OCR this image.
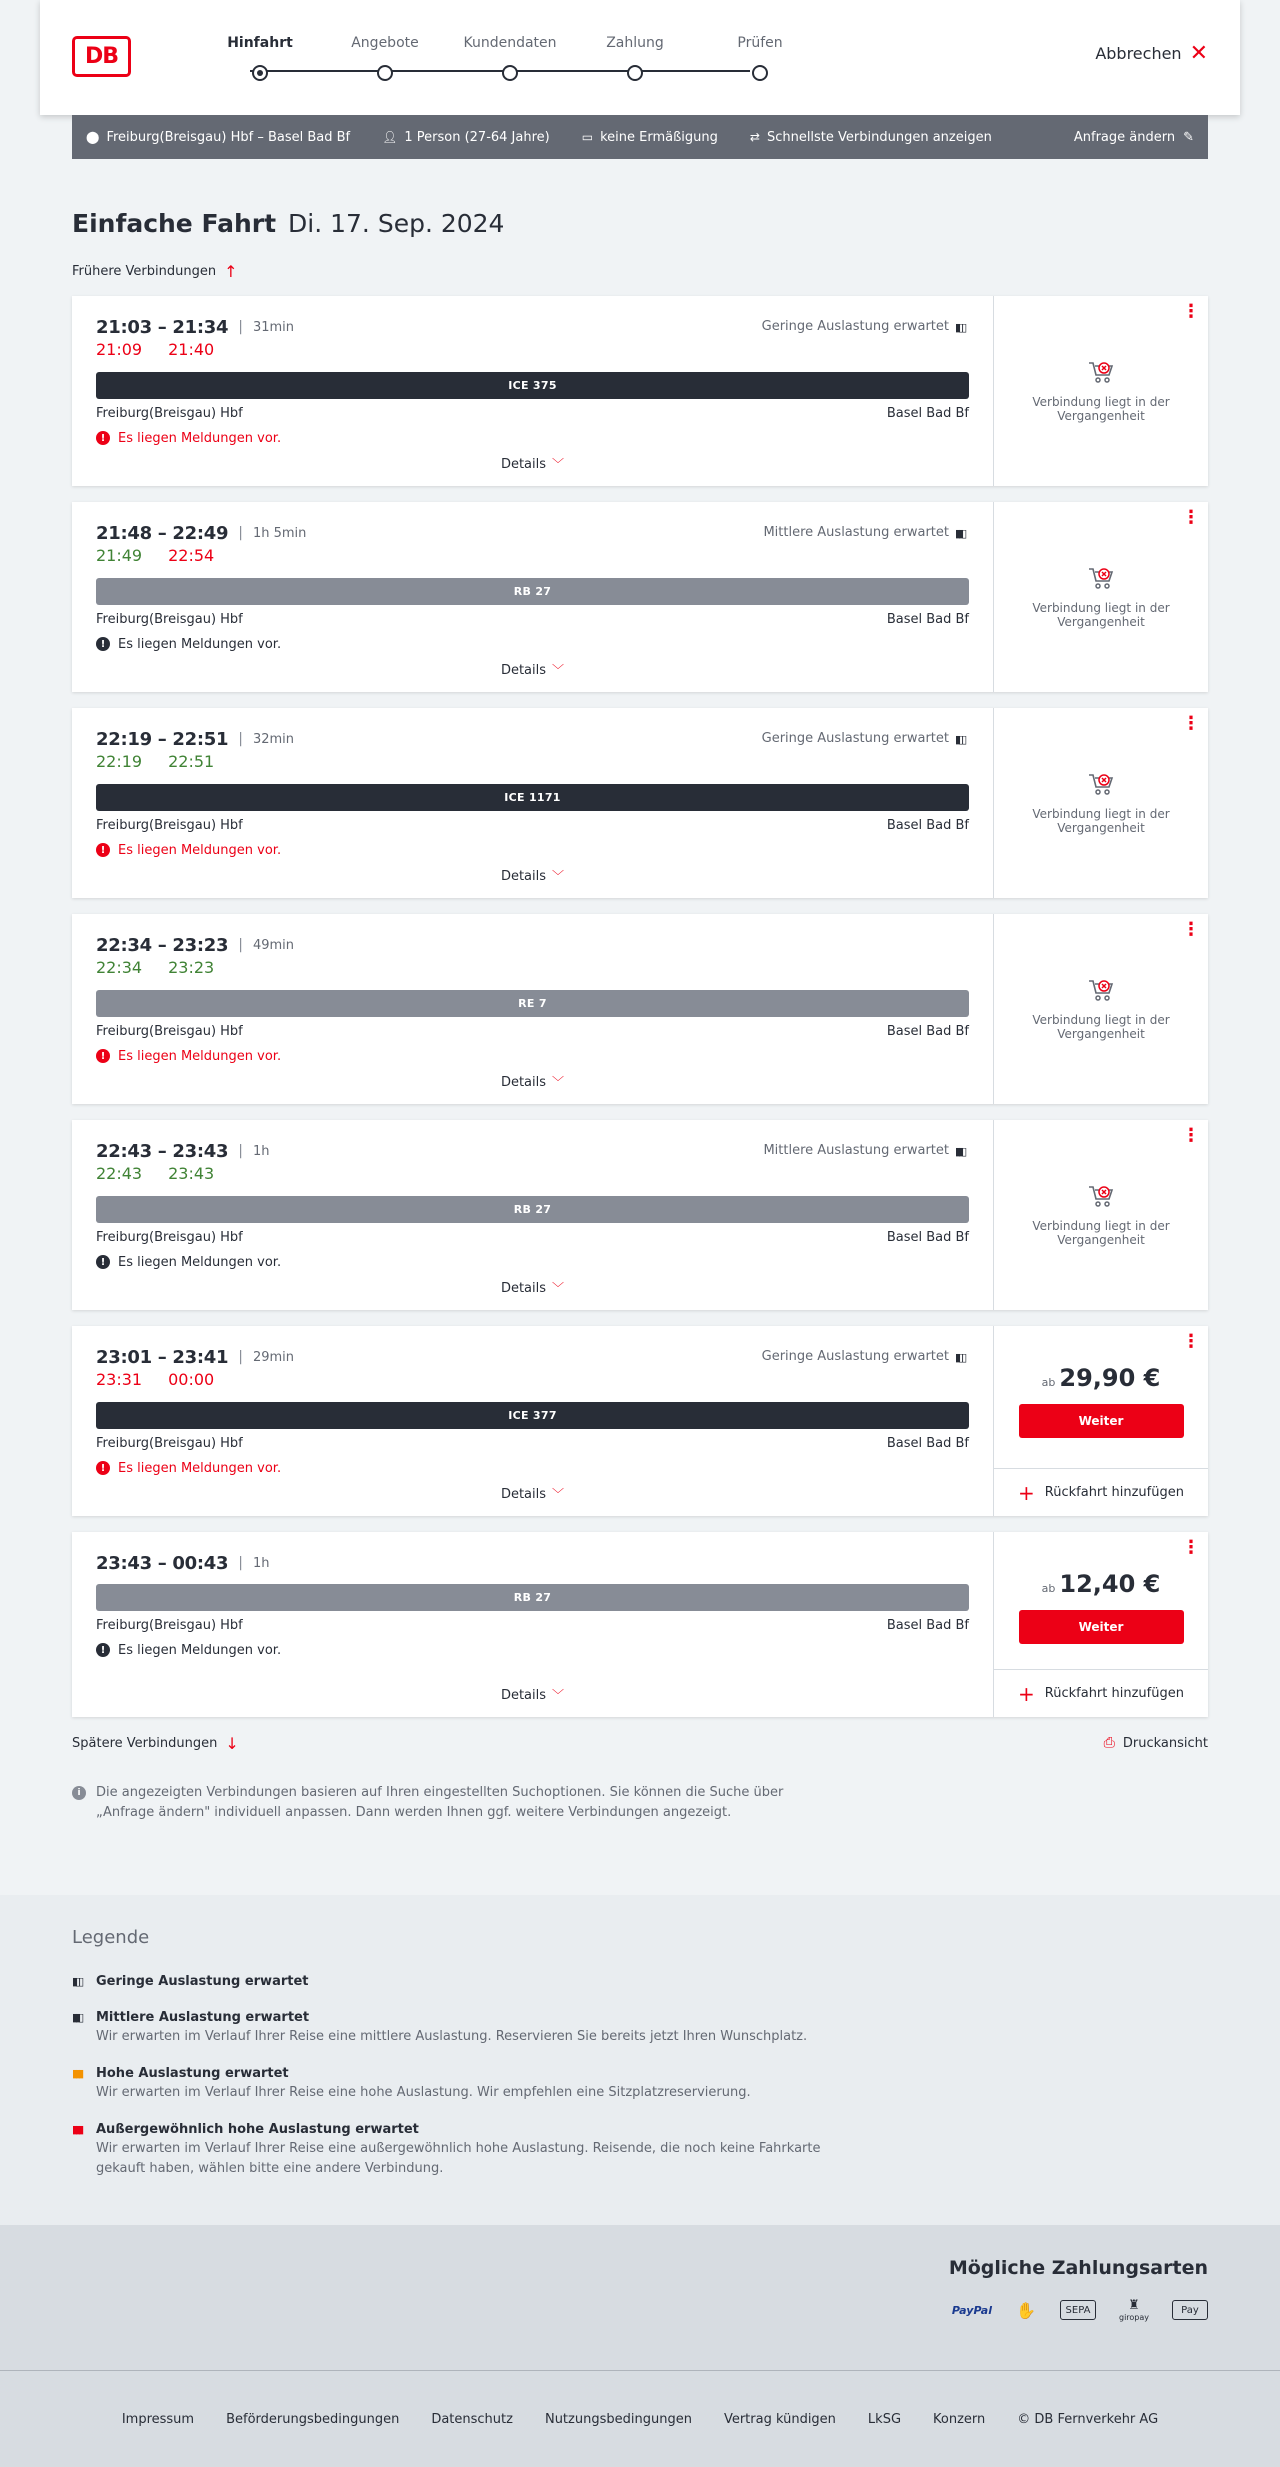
DB
Hinfahrt	Angebote	Kundendaten	Zahlung	Prüfen
Abbrechen ✕
⬤ Freiburg(Breisgau) Hbf – Basel Bad Bf	👤︎ 1 Person (27-64 Jahre)	▭ keine Ermäßigung	⇄ Schnellste Verbindungen anzeigen	Anfrage ändern ✎
Einfache Fahrt Di. 17. Sep. 2024
Frühere Verbindungen ↑
21:03 – 21:34 | 31min	Geringe Auslastung erwartet ▮▯▯
21:09 21:40
ICE 375
Freiburg(Breisgau) Hbf	Basel Bad Bf
! Es liegen Meldungen vor.
Details ﹀
⋮
Verbindung liegt in der Vergangenheit
21:48 – 22:49 | 1h 5min	Mittlere Auslastung erwartet ▮▮▯
21:49 22:54
RB 27
Freiburg(Breisgau) Hbf	Basel Bad Bf
! Es liegen Meldungen vor.
Details ﹀
⋮
Verbindung liegt in der Vergangenheit
22:19 – 22:51 | 32min	Geringe Auslastung erwartet ▮▯▯
22:19 22:51
ICE 1171
Freiburg(Breisgau) Hbf	Basel Bad Bf
! Es liegen Meldungen vor.
Details ﹀
⋮
Verbindung liegt in der Vergangenheit
22:34 – 23:23 | 49min
22:34 23:23
RE 7
Freiburg(Breisgau) Hbf	Basel Bad Bf
! Es liegen Meldungen vor.
Details ﹀
⋮
Verbindung liegt in der Vergangenheit
22:43 – 23:43 | 1h	Mittlere Auslastung erwartet ▮▮▯
22:43 23:43
RB 27
Freiburg(Breisgau) Hbf	Basel Bad Bf
! Es liegen Meldungen vor.
Details ﹀
⋮
Verbindung liegt in der Vergangenheit
23:01 – 23:41 | 29min	Geringe Auslastung erwartet ▮▯▯
23:31 00:00
ICE 377
Freiburg(Breisgau) Hbf	Basel Bad Bf
! Es liegen Meldungen vor.
Details ﹀
⋮
ab 29,90 €
Weiter
+ Rückfahrt hinzufügen
23:43 – 00:43 | 1h
RB 27
Freiburg(Breisgau) Hbf	Basel Bad Bf
! Es liegen Meldungen vor.
Details ﹀
⋮
ab 12,40 €
Weiter
+ Rückfahrt hinzufügen
Spätere Verbindungen ↓	⎙ Druckansicht
i	Die angezeigten Verbindungen basieren auf Ihren eingestellten Suchoptionen. Sie können die Suche über „Anfrage ändern" individuell anpassen. Dann werden Ihnen ggf. weitere Verbindungen angezeigt.
Legende
▮▯▯	Geringe Auslastung erwartet
▮▮▯	Mittlere Auslastung erwartet
Wir erwarten im Verlauf Ihrer Reise eine mittlere Auslastung. Reservieren Sie bereits jetzt Ihren Wunschplatz.
▮▮▮	Hohe Auslastung erwartet
Wir erwarten im Verlauf Ihrer Reise eine hohe Auslastung. Wir empfehlen eine Sitzplatzreservierung.
▮▮▮	Außergewöhnlich hohe Auslastung erwartet
Wir erwarten im Verlauf Ihrer Reise eine außergewöhnlich hohe Auslastung. Reisende, die noch keine Fahrkarte gekauft haben, wählen bitte eine andere Verbindung.
Mögliche Zahlungsarten
PayPal ✋	SEPA	♜
giropay
Pay
Impressum Beförderungsbedingungen Datenschutz Nutzungsbedingungen Vertrag kündigen LkSG Konzern © DB Fernverkehr AG
